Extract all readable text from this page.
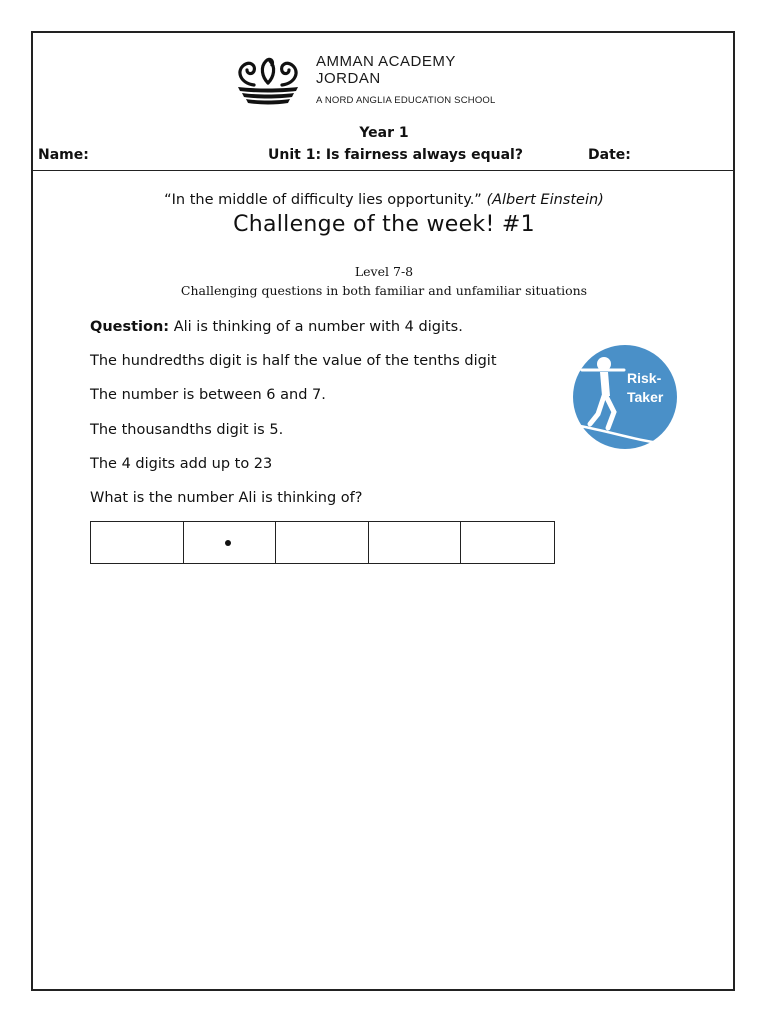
AMMAN ACADEMY
JORDAN
A NORD ANGLIA EDUCATION SCHOOL
Year 1
Name:	Unit 1: Is fairness always equal?	Date:
“In the middle of difficulty lies opportunity.” (Albert Einstein)
Challenge of the week! #1
Level 7-8
Challenging questions in both familiar and unfamiliar situations
Question: Ali is thinking of a number with 4 digits.
The hundredths digit is half the value of the tenths digit
The number is between 6 and 7.
The thousandths digit is 5.
The 4 digits add up to 23
What is the number Ali is thinking of?
Risk-
Taker
